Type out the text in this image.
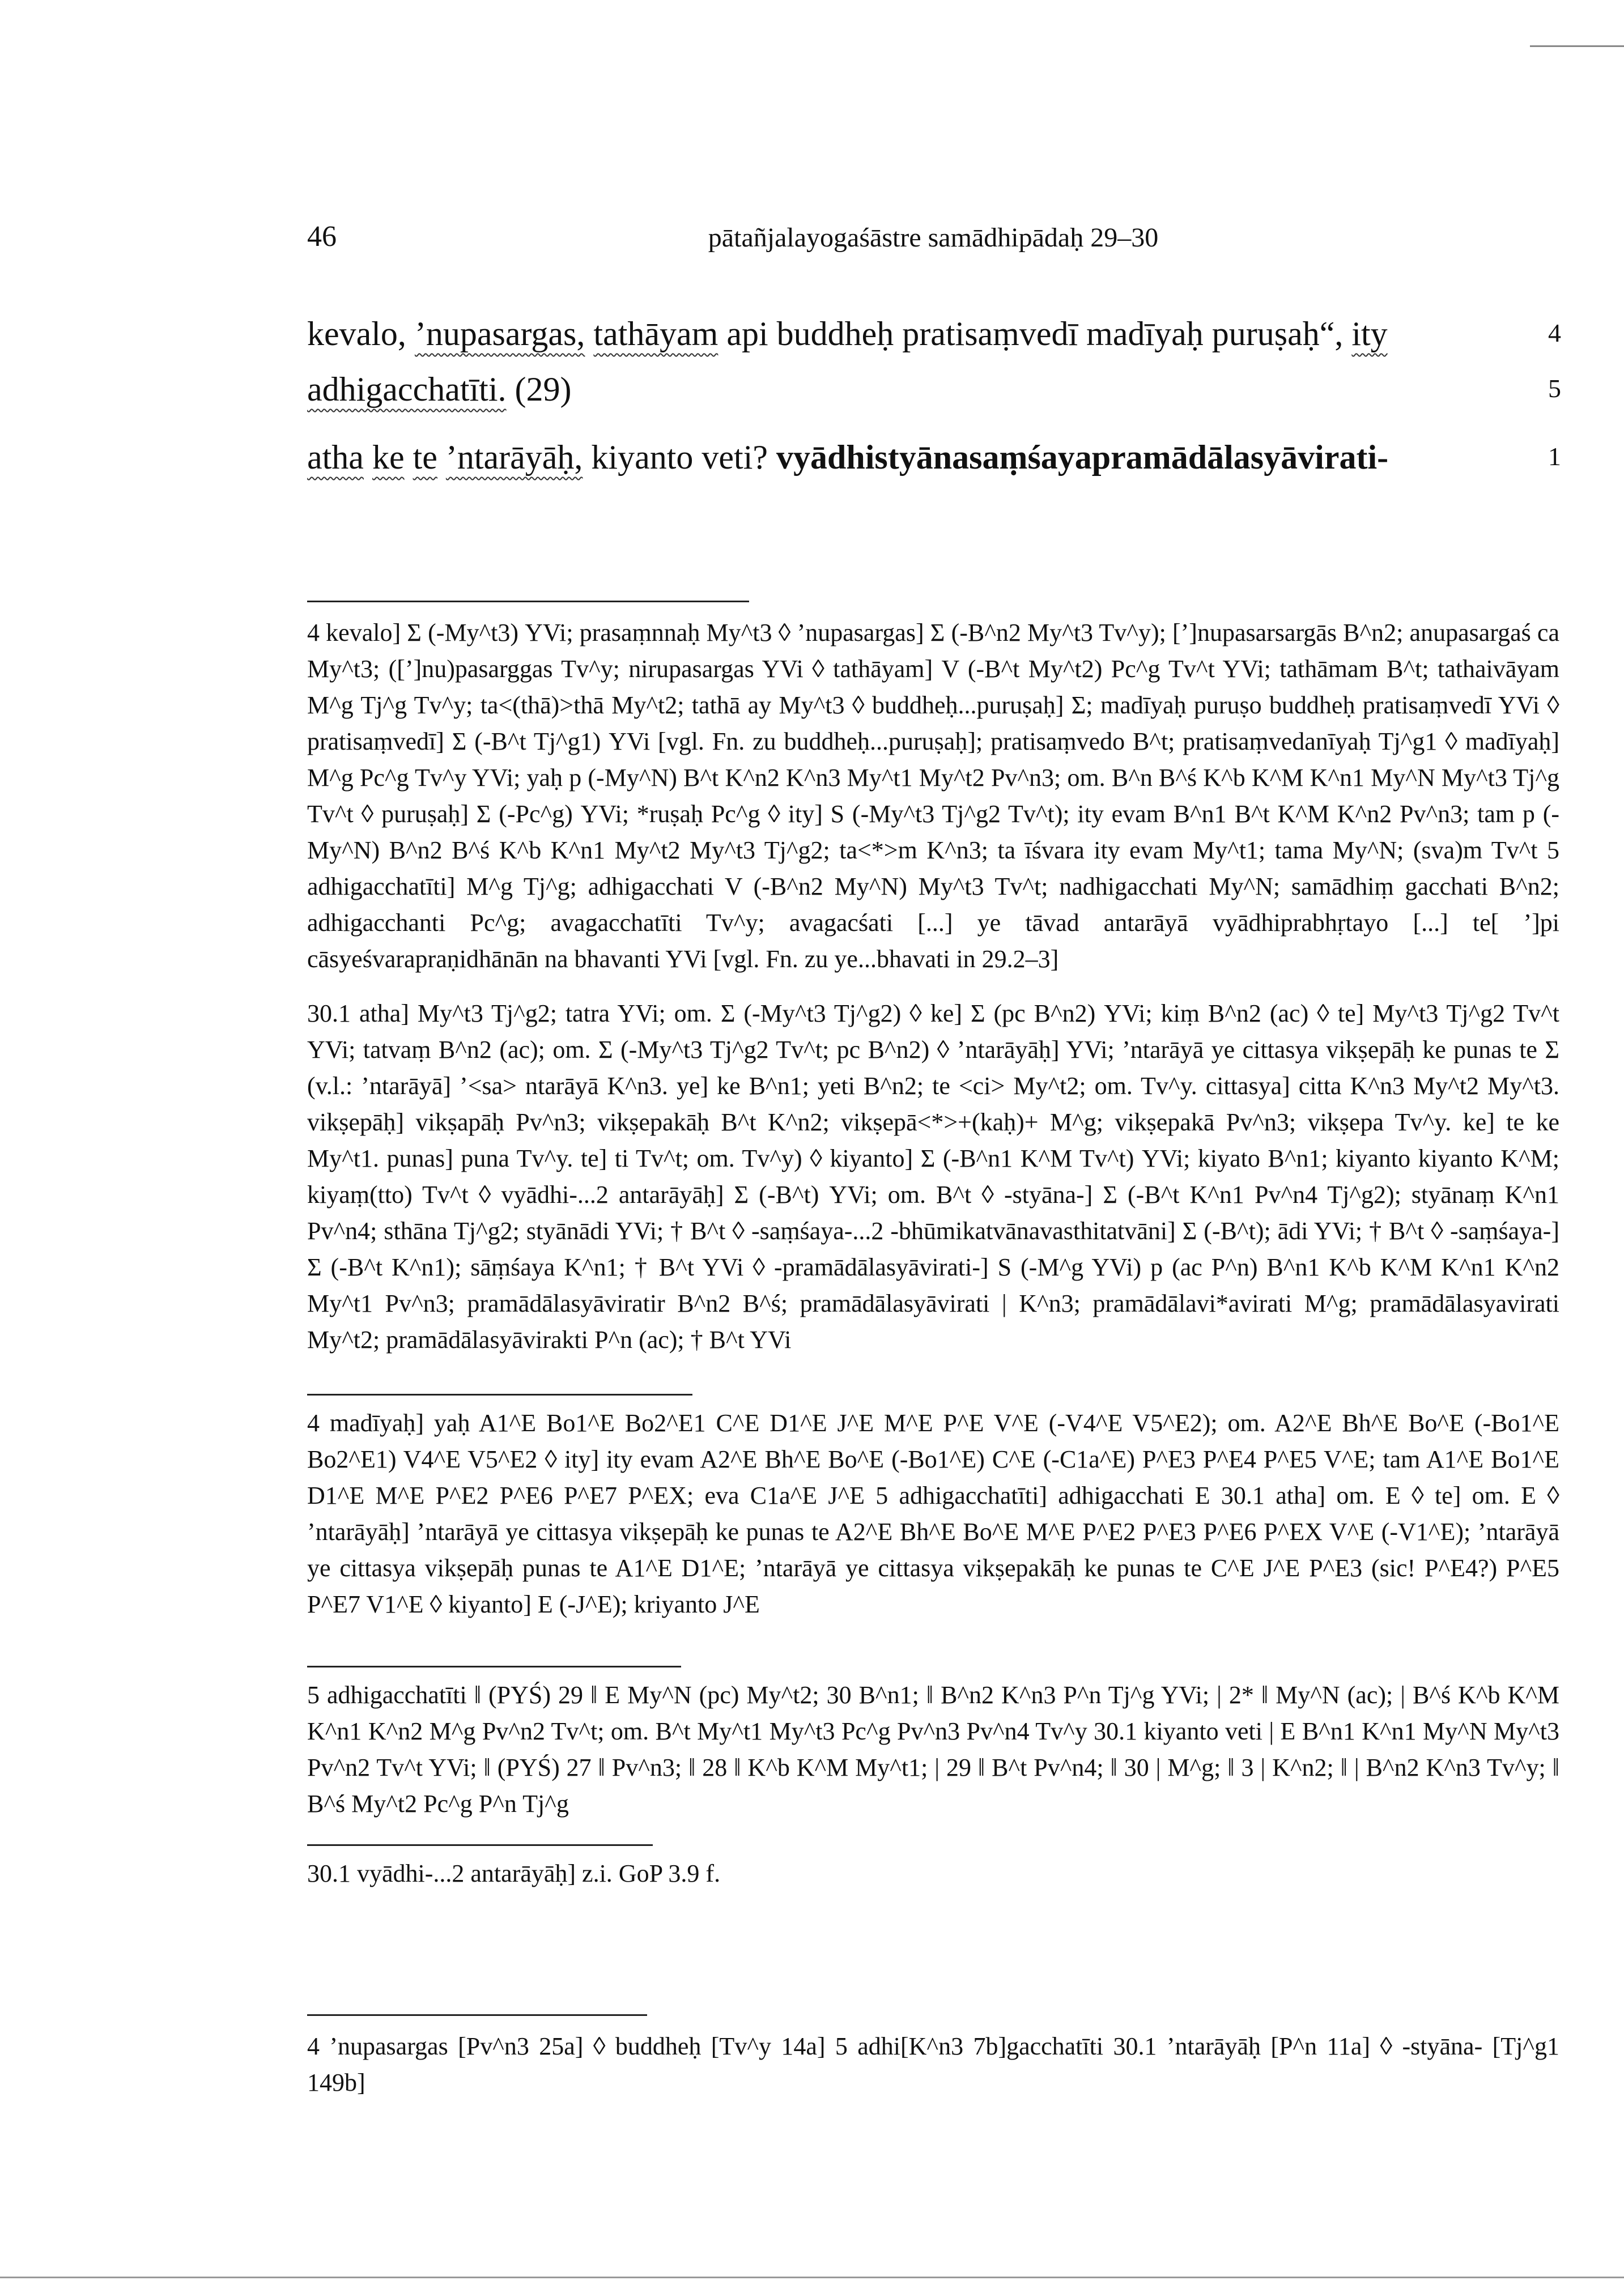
46	pātañjalayogaśāstre samādhipādaḥ 29–30
kevalo, ’nupasargas, tathāyam api buddheḥ pratisaṃvedī madīyaḥ puruṣaḥ“, ity	4
adhigacchatīti. (29)	5
atha ke te ’ntarāyāḥ, kiyanto veti? vyādhistyānasaṃśayapramādālasyāvirati-	1

4 kevalo] Σ (-My^t3) YVi; prasaṃnnaḥ My^t3 ◊ ’nupasargas] Σ (-B^n2 My^t3 Tv^y); [’]nupasarsargās B^n2; anupasargaś ca My^t3; ([’]nu)pasarggas Tv^y; nirupasargas YVi ◊ tathāyam] V (-B^t My^t2) Pc^g Tv^t YVi; tathāmam B^t; tathaivāyam M^g Tj^g Tv^y; ta<(thā)>thā My^t2; tathā ay My^t3 ◊ buddheḥ...puruṣaḥ] Σ; madīyaḥ puruṣo buddheḥ pratisaṃvedī YVi ◊ pratisaṃvedī] Σ (-B^t Tj^g1) YVi [vgl. Fn. zu buddheḥ...puruṣaḥ]; pratisaṃvedo B^t; pratisaṃvedanīyaḥ Tj^g1 ◊ madīyaḥ] M^g Pc^g Tv^y YVi; yaḥ p (-My^N) B^t K^n2 K^n3 My^t1 My^t2 Pv^n3; om. B^n B^ś K^b K^M K^n1 My^N My^t3 Tj^g Tv^t ◊ puruṣaḥ] Σ (-Pc^g) YVi; *ruṣaḥ Pc^g ◊ ity] S (-My^t3 Tj^g2 Tv^t); ity evam B^n1 B^t K^M K^n2 Pv^n3; tam p (-My^N) B^n2 B^ś K^b K^n1 My^t2 My^t3 Tj^g2; ta<*>m K^n3; ta īśvara ity evam My^t1; tama My^N; (sva)m Tv^t 5 adhigacchatīti] M^g Tj^g; adhigacchati V (-B^n2 My^N) My^t3 Tv^t; nadhigacchati My^N; samādhiṃ gacchati B^n2; adhigacchanti Pc^g; avagacchatīti Tv^y; avagacśati [...] ye tāvad antarāyā vyādhiprabhṛtayo [...] te[ ’]pi cāsyeśvarapraṇidhānān na bhavanti YVi [vgl. Fn. zu ye...bhavati in 29.2–3]

30.1 atha] My^t3 Tj^g2; tatra YVi; om. Σ (-My^t3 Tj^g2) ◊ ke] Σ (pc B^n2) YVi; kiṃ B^n2 (ac) ◊ te] My^t3 Tj^g2 Tv^t YVi; tatvaṃ B^n2 (ac); om. Σ (-My^t3 Tj^g2 Tv^t; pc B^n2) ◊ ’ntarāyāḥ] YVi; ’ntarāyā ye cittasya vikṣepāḥ ke punas te Σ (v.l.: ’ntarāyā] ’<sa> ntarāyā K^n3. ye] ke B^n1; yeti B^n2; te <ci> My^t2; om. Tv^y. cittasya] citta K^n3 My^t2 My^t3. vikṣepāḥ] vikṣapāḥ Pv^n3; vikṣepakāḥ B^t K^n2; vikṣepā<*>+(kaḥ)+ M^g; vikṣepakā Pv^n3; vikṣepa Tv^y. ke] te ke My^t1. punas] puna Tv^y. te] ti Tv^t; om. Tv^y) ◊ kiyanto] Σ (-B^n1 K^M Tv^t) YVi; kiyato B^n1; kiyanto kiyanto K^M; kiyaṃ(tto) Tv^t ◊ vyādhi-...2 antarāyāḥ] Σ (-B^t) YVi; om. B^t ◊ -styāna-] Σ (-B^t K^n1 Pv^n4 Tj^g2); styānaṃ K^n1 Pv^n4; sthāna Tj^g2; styānādi YVi; † B^t ◊ -saṃśaya-...2 -bhūmikatvānavasthitatvāni] Σ (-B^t); ādi YVi; † B^t ◊ -saṃśaya-] Σ (-B^t K^n1); sāṃśaya K^n1; † B^t YVi ◊ -pramādālasyāvirati-] S (-M^g YVi) p (ac P^n) B^n1 K^b K^M K^n1 K^n2 My^t1 Pv^n3; pramādālasyāviratir B^n2 B^ś; pramādālasyāvirati | K^n3; pramādālavi*avirati M^g; pramādālasyavirati My^t2; pramādālasyāvirakti P^n (ac); † B^t YVi

4 madīyaḥ] yaḥ A1^E Bo1^E Bo2^E1 C^E D1^E J^E M^E P^E V^E (-V4^E V5^E2); om. A2^E Bh^E Bo^E (-Bo1^E Bo2^E1) V4^E V5^E2 ◊ ity] ity evam A2^E Bh^E Bo^E (-Bo1^E) C^E (-C1a^E) P^E3 P^E4 P^E5 V^E; tam A1^E Bo1^E D1^E M^E P^E2 P^E6 P^E7 P^EX; eva C1a^E J^E 5 adhigacchatīti] adhigacchati E 30.1 atha] om. E ◊ te] om. E ◊ ’ntarāyāḥ] ’ntarāyā ye cittasya vikṣepāḥ ke punas te A2^E Bh^E Bo^E M^E P^E2 P^E3 P^E6 P^EX V^E (-V1^E); ’ntarāyā ye cittasya vikṣepāḥ punas te A1^E D1^E; ’ntarāyā ye cittasya vikṣepakāḥ ke punas te C^E J^E P^E3 (sic! P^E4?) P^E5 P^E7 V1^E ◊ kiyanto] E (-J^E); kriyanto J^E

5 adhigacchatīti ‖ (PYŚ) 29 ‖ E My^N (pc) My^t2; 30 B^n1; ‖ B^n2 K^n3 P^n Tj^g YVi; | 2* ‖ My^N (ac); | B^ś K^b K^M K^n1 K^n2 M^g Pv^n2 Tv^t; om. B^t My^t1 My^t3 Pc^g Pv^n3 Pv^n4 Tv^y 30.1 kiyanto veti | E B^n1 K^n1 My^N My^t3 Pv^n2 Tv^t YVi; ‖ (PYŚ) 27 ‖ Pv^n3; ‖ 28 ‖ K^b K^M My^t1; | 29 ‖ B^t Pv^n4; ‖ 30 | M^g; ‖ 3 | K^n2; ‖ | B^n2 K^n3 Tv^y; ‖ B^ś My^t2 Pc^g P^n Tj^g

30.1 vyādhi-...2 antarāyāḥ] z.i. GoP 3.9 f.

4 ’nupasargas [Pv^n3 25a] ◊ buddheḥ [Tv^y 14a] 5 adhi[K^n3 7b]gacchatīti 30.1 ’ntarāyāḥ [P^n 11a] ◊ -styāna- [Tj^g1 149b]
